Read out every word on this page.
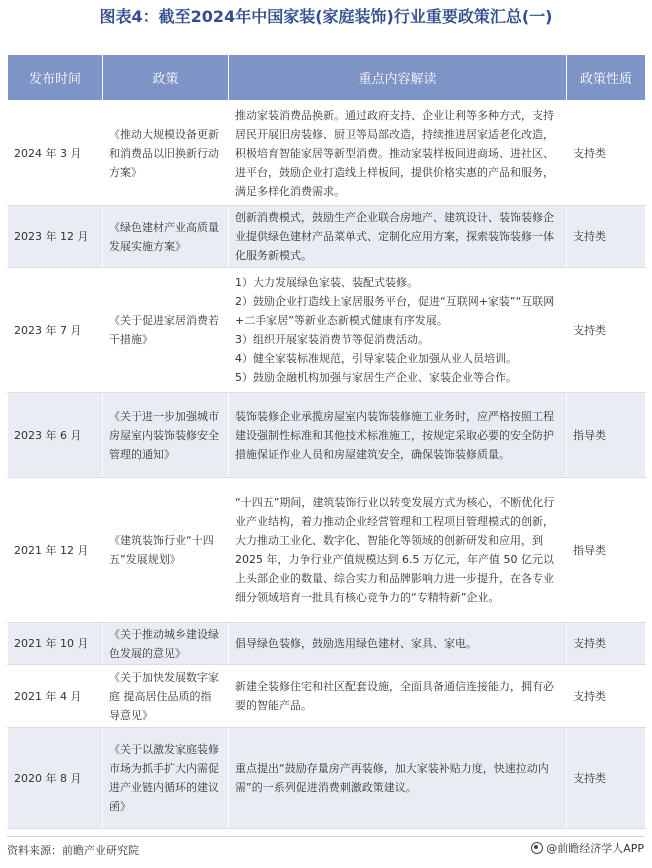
图表4：截至2024年中国家装(家庭装饰)行业重要政策汇总(一)
发布时间	政策	重点内容解读	政策性质
2024 年 3 月	《推动大规模设备更新和消费品以旧换新行动方案》	推动家装消费品换新。通过政府支持、企业让利等多种方式，支持居民开展旧房装修、厨卫等局部改造，持续推进居家适老化改造，积极培育智能家居等新型消费。推动家装样板间进商场、进社区、进平台，鼓励企业打造线上样板间，提供价格实惠的产品和服务，满足多样化消费需求。	支持类
2023 年 12 月	《绿色建材产业高质量发展实施方案》	创新消费模式，鼓励生产企业联合房地产、建筑设计、装饰装修企业提供绿色建材产品菜单式、定制化应用方案，探索装饰装修一体化服务新模式。	支持类
2023 年 7 月	《关于促进家居消费若干措施》	1）大力发展绿色家装、装配式装修。
2）鼓励企业打造线上家居服务平台，促进“互联网+家装”“互联网+二手家居”等新业态新模式健康有序发展。
3）组织开展家装消费节等促消费活动。
4）健全家装标准规范，引导家装企业加强从业人员培训。
5）鼓励金融机构加强与家居生产企业、家装企业等合作。	支持类
2023 年 6 月	《关于进一步加强城市房屋室内装饰装修安全管理的通知》	装饰装修企业承揽房屋室内装饰装修施工业务时，应严格按照工程建设强制性标准和其他技术标准施工，按规定采取必要的安全防护措施保证作业人员和房屋建筑安全，确保装饰装修质量。	指导类
2021 年 12 月	《建筑装饰行业“十四五”发展规划》	“十四五”期间，建筑装饰行业以转变发展方式为核心，不断优化行业产业结构，着力推动企业经营管理和工程项目管理模式的创新，大力推动工业化、数字化、智能化等领域的创新研发和应用，到 2025 年，力争行业产值规模达到 6.5 万亿元，年产值 50 亿元以上头部企业的数量、综合实力和品牌影响力进一步提升，在各专业细分领域培育一批具有核心竞争力的“专精特新”企业。	指导类
2021 年 10 月	《关于推动城乡建设绿色发展的意见》	倡导绿色装修，鼓励选用绿色建材、家具、家电。	支持类
2021 年 4 月	《关于加快发展数字家庭 提高居住品质的指导意见》	新建全装修住宅和社区配套设施，全面具备通信连接能力，拥有必要的智能产品。	支持类
2020 年 8 月	《关于以激发家庭装修市场为抓手扩大内需促进产业链内循环的建议函》	重点提出“鼓励存量房产再装修，加大家装补贴力度，快速拉动内需”的一系列促进消费刺激政策建议。	支持类
资料来源：前瞻产业研究院	@前瞻经济学人APP
